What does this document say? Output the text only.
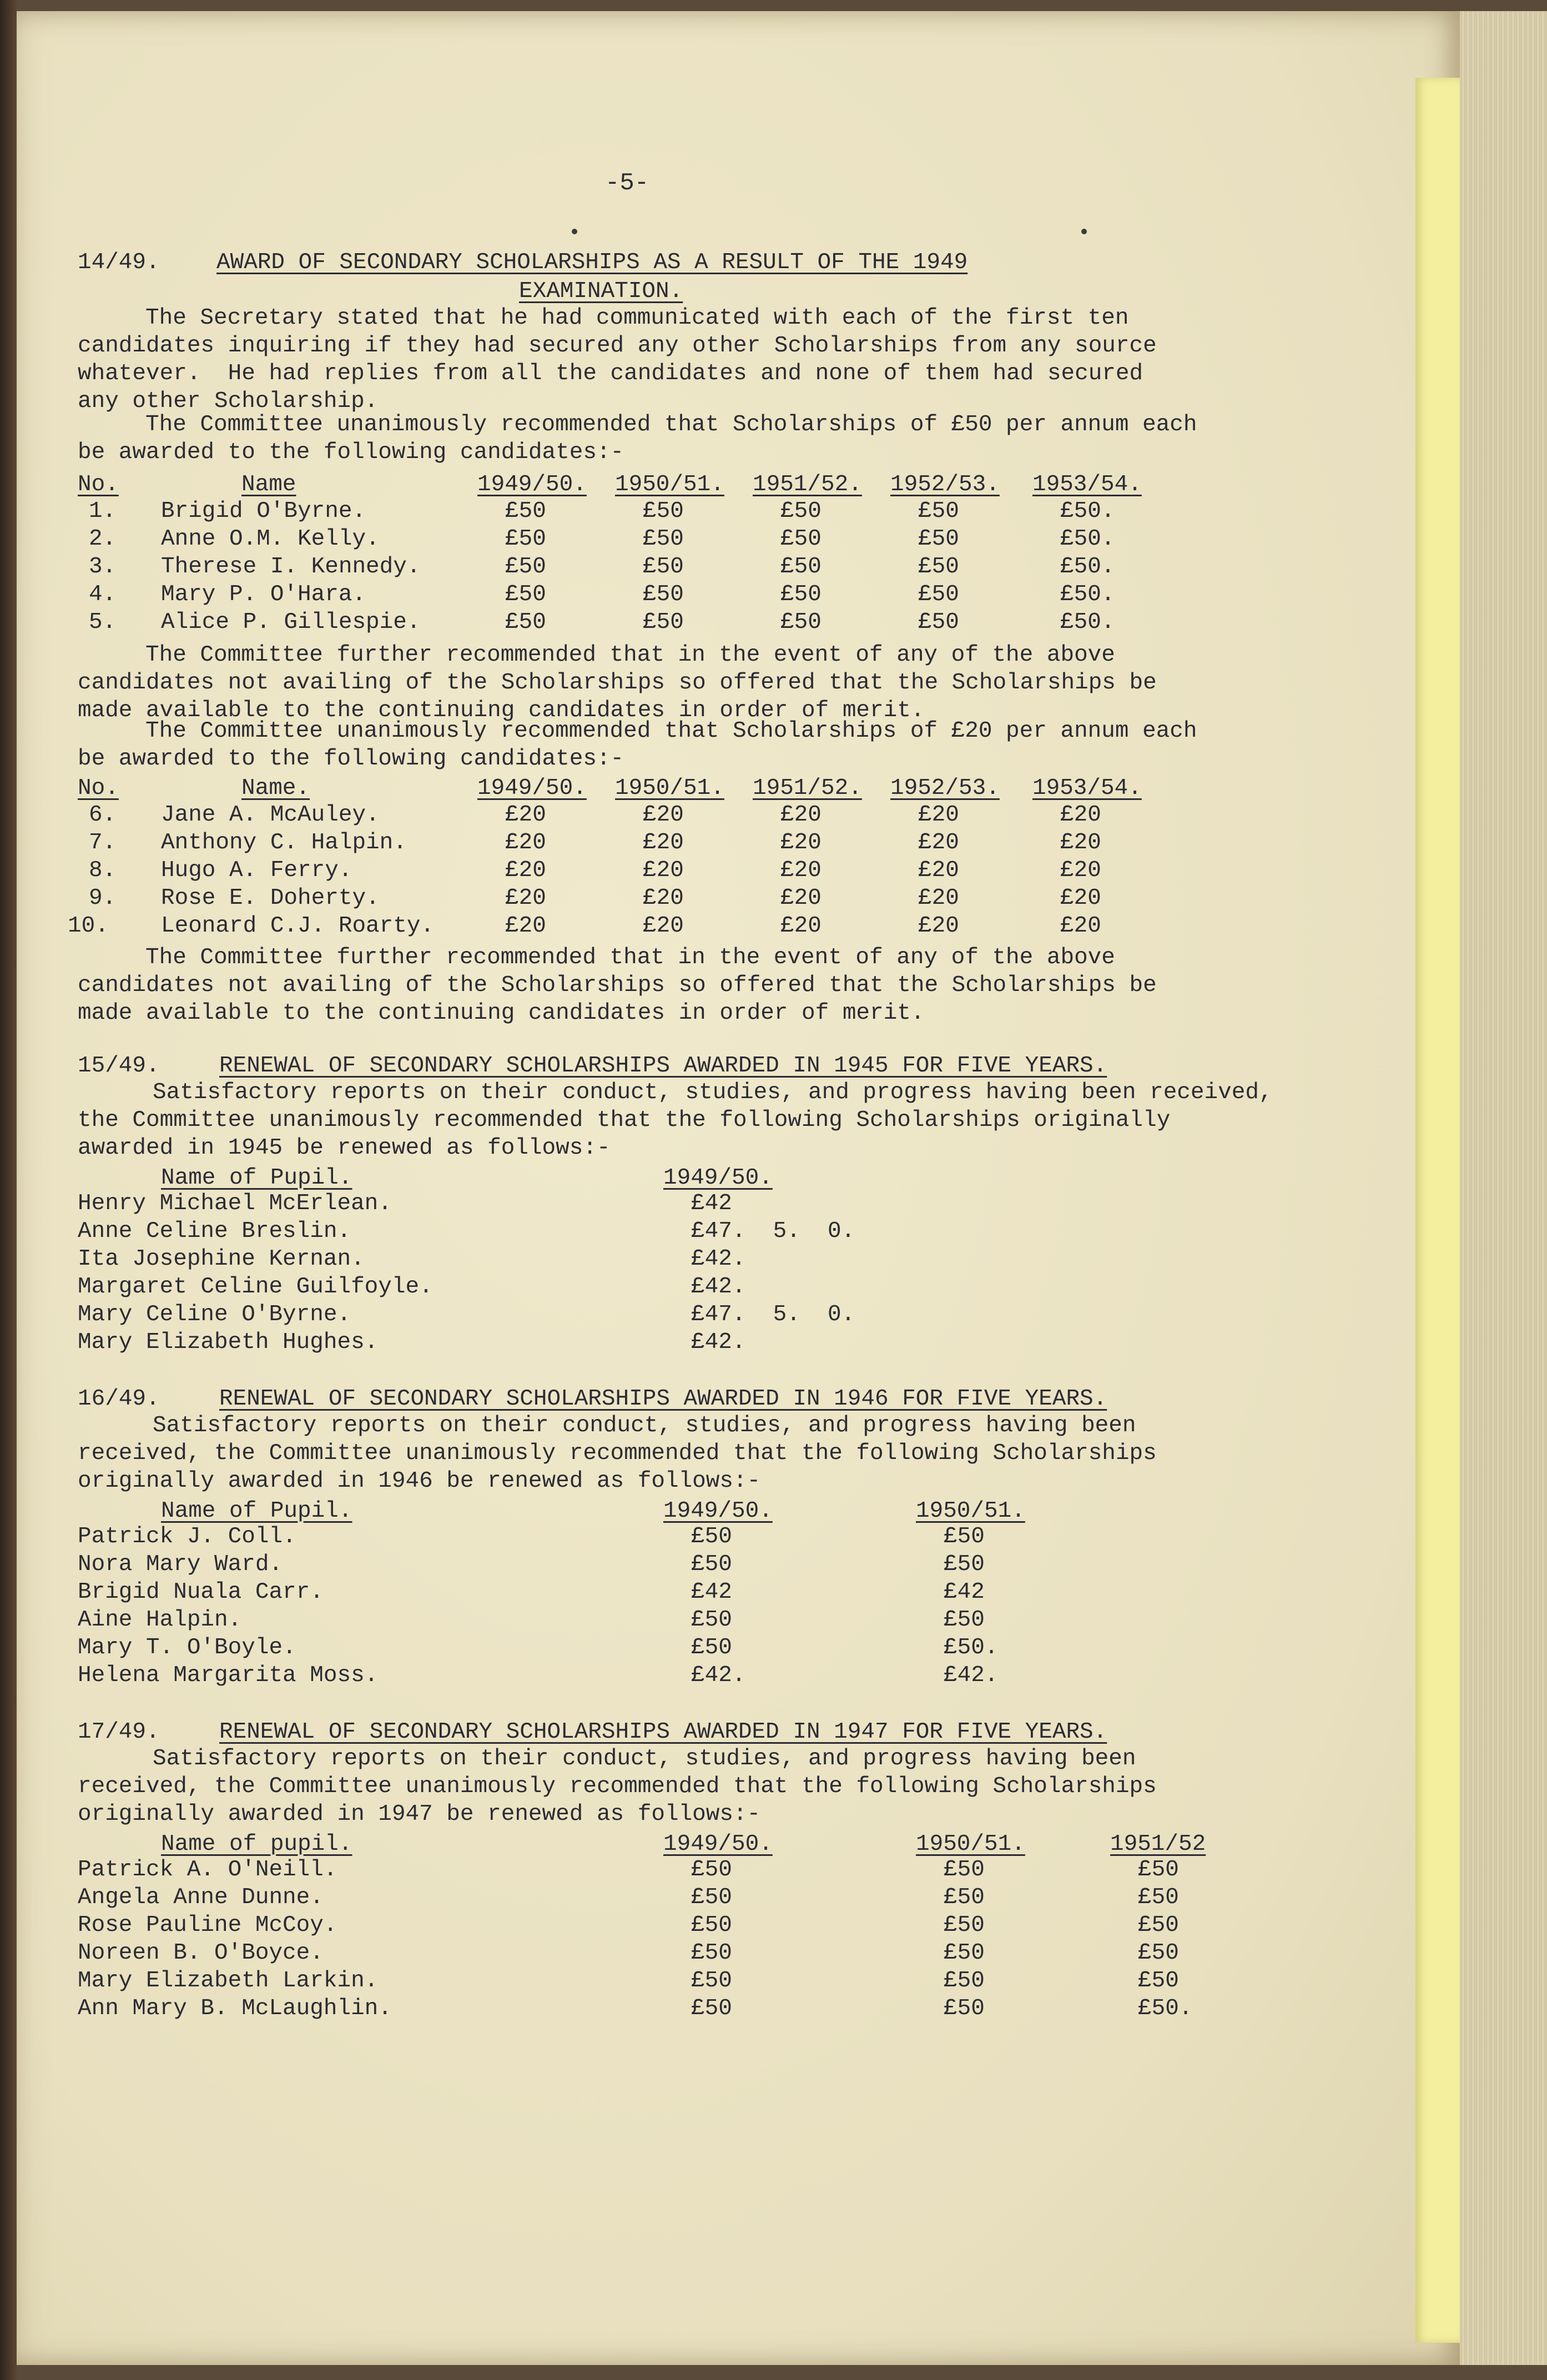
-5-
14/49. AWARD OF SECONDARY SCHOLARSHIPS AS A RESULT OF THE 1949
EXAMINATION.
The Secretary stated that he had communicated with each of the first ten
candidates inquiring if they had secured any other Scholarships from any source
whatever.  He had replies from all the candidates and none of them had secured
any other Scholarship.
The Committee unanimously recommended that Scholarships of £50 per annum each
be awarded to the following candidates:-
No.	Name	1949/50. 1950/51. 1951/52. 1952/53. 1953/54.
1. Brigid O'Byrne.	£50	£50	£50	£50	£50.
2. Anne O.M. Kelly.	£50	£50	£50	£50	£50.
3. Therese I. Kennedy.	£50	£50	£50	£50	£50.
4. Mary P. O'Hara.	£50	£50	£50	£50	£50.
5. Alice P. Gillespie.	£50	£50	£50	£50	£50.
The Committee further recommended that in the event of any of the above
candidates not availing of the Scholarships so offered that the Scholarships be
made available to the continuing candidates in order of merit.
The Committee unanimously recommended that Scholarships of £20 per annum each
be awarded to the following candidates:-
No.	Name.	1949/50. 1950/51. 1951/52. 1952/53. 1953/54.
6. Jane A. McAuley.	£20	£20	£20	£20	£20
7. Anthony C. Halpin.	£20	£20	£20	£20	£20
8. Hugo A. Ferry.	£20	£20	£20	£20	£20
9. Rose E. Doherty.	£20	£20	£20	£20	£20
10. Leonard C.J. Roarty.	£20	£20	£20	£20	£20
The Committee further recommended that in the event of any of the above
candidates not availing of the Scholarships so offered that the Scholarships be
made available to the continuing candidates in order of merit.
15/49.	RENEWAL OF SECONDARY SCHOLARSHIPS AWARDED IN 1945 FOR FIVE YEARS.
Satisfactory reports on their conduct, studies, and progress having been received,
the Committee unanimously recommended that the following Scholarships originally
awarded in 1945 be renewed as follows:-
Name of Pupil.	1949/50.
Henry Michael McErlean.	£42
Anne Celine Breslin.	£47.  5.  0.
Ita Josephine Kernan.	£42.
Margaret Celine Guilfoyle.	£42.
Mary Celine O'Byrne.	£47.  5.  0.
Mary Elizabeth Hughes.	£42.
16/49.	RENEWAL OF SECONDARY SCHOLARSHIPS AWARDED IN 1946 FOR FIVE YEARS.
Satisfactory reports on their conduct, studies, and progress having been
received, the Committee unanimously recommended that the following Scholarships
originally awarded in 1946 be renewed as follows:-
Name of Pupil.	1949/50.	1950/51.
Patrick J. Coll.	£50	£50
Nora Mary Ward.	£50	£50
Brigid Nuala Carr.	£42	£42
Aine Halpin.	£50	£50
Mary T. O'Boyle.	£50	£50.
Helena Margarita Moss.	£42.	£42.
17/49.	RENEWAL OF SECONDARY SCHOLARSHIPS AWARDED IN 1947 FOR FIVE YEARS.
Satisfactory reports on their conduct, studies, and progress having been
received, the Committee unanimously recommended that the following Scholarships
originally awarded in 1947 be renewed as follows:-
Name of pupil.	1949/50.	1950/51.	1951/52
Patrick A. O'Neill.	£50	£50	£50
Angela Anne Dunne.	£50	£50	£50
Rose Pauline McCoy.	£50	£50	£50
Noreen B. O'Boyce.	£50	£50	£50
Mary Elizabeth Larkin.	£50	£50	£50
Ann Mary B. McLaughlin.	£50	£50	£50.
